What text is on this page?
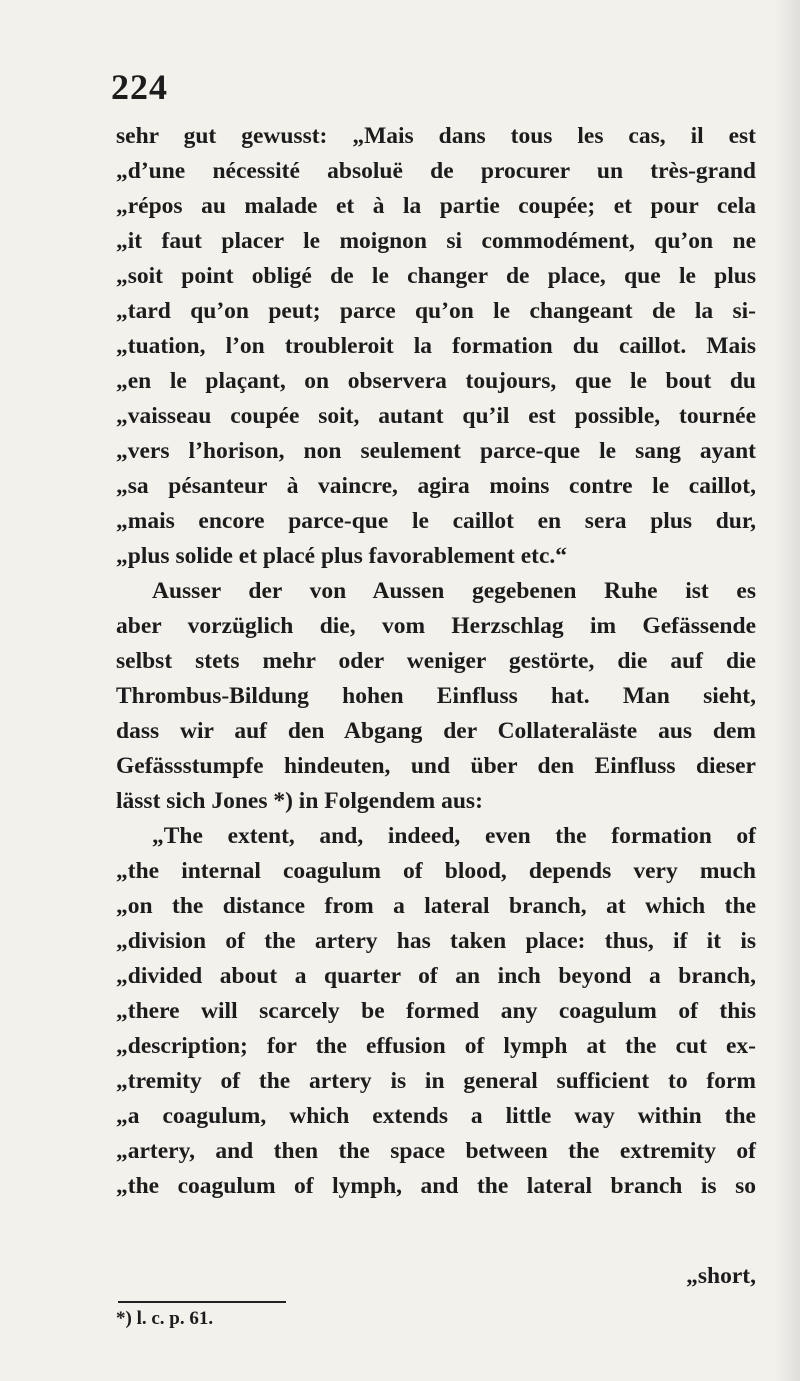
224
sehr gut gewusst: „Mais dans tous les cas, il est
„d’une nécessité absoluë de procurer un très-grand
„répos au malade et à la partie coupée; et pour cela
„it faut placer le moignon si commodément, qu’on ne
„soit point obligé de le changer de place, que le plus
„tard qu’on peut; parce qu’on le changeant de la si-
„tuation, l’on troubleroit la formation du caillot. Mais
„en le plaçant, on observera toujours, que le bout du
„vaisseau coupée soit, autant qu’il est possible, tournée
„vers l’horison, non seulement parce-que le sang ayant
„sa pésanteur à vaincre, agira moins contre le caillot,
„mais encore parce-que le caillot en sera plus dur,
„plus solide et placé plus favorablement etc.“
Ausser der von Aussen gegebenen Ruhe ist es
aber vorzüglich die, vom Herzschlag im Gefässende
selbst stets mehr oder weniger gestörte, die auf die
Thrombus-Bildung hohen Einfluss hat. Man sieht,
dass wir auf den Abgang der Collateraläste aus dem
Gefässstumpfe hindeuten, und über den Einfluss dieser
lässt sich Jones *) in Folgendem aus:
„The extent, and, indeed, even the formation of
„the internal coagulum of blood, depends very much
„on the distance from a lateral branch, at which the
„division of the artery has taken place: thus, if it is
„divided about a quarter of an inch beyond a branch,
„there will scarcely be formed any coagulum of this
„description; for the effusion of lymph at the cut ex-
„tremity of the artery is in general sufficient to form
„a coagulum, which extends a little way within the
„artery, and then the space between the extremity of
„the coagulum of lymph, and the lateral branch is so
„short,
*) l. c. p. 61.
